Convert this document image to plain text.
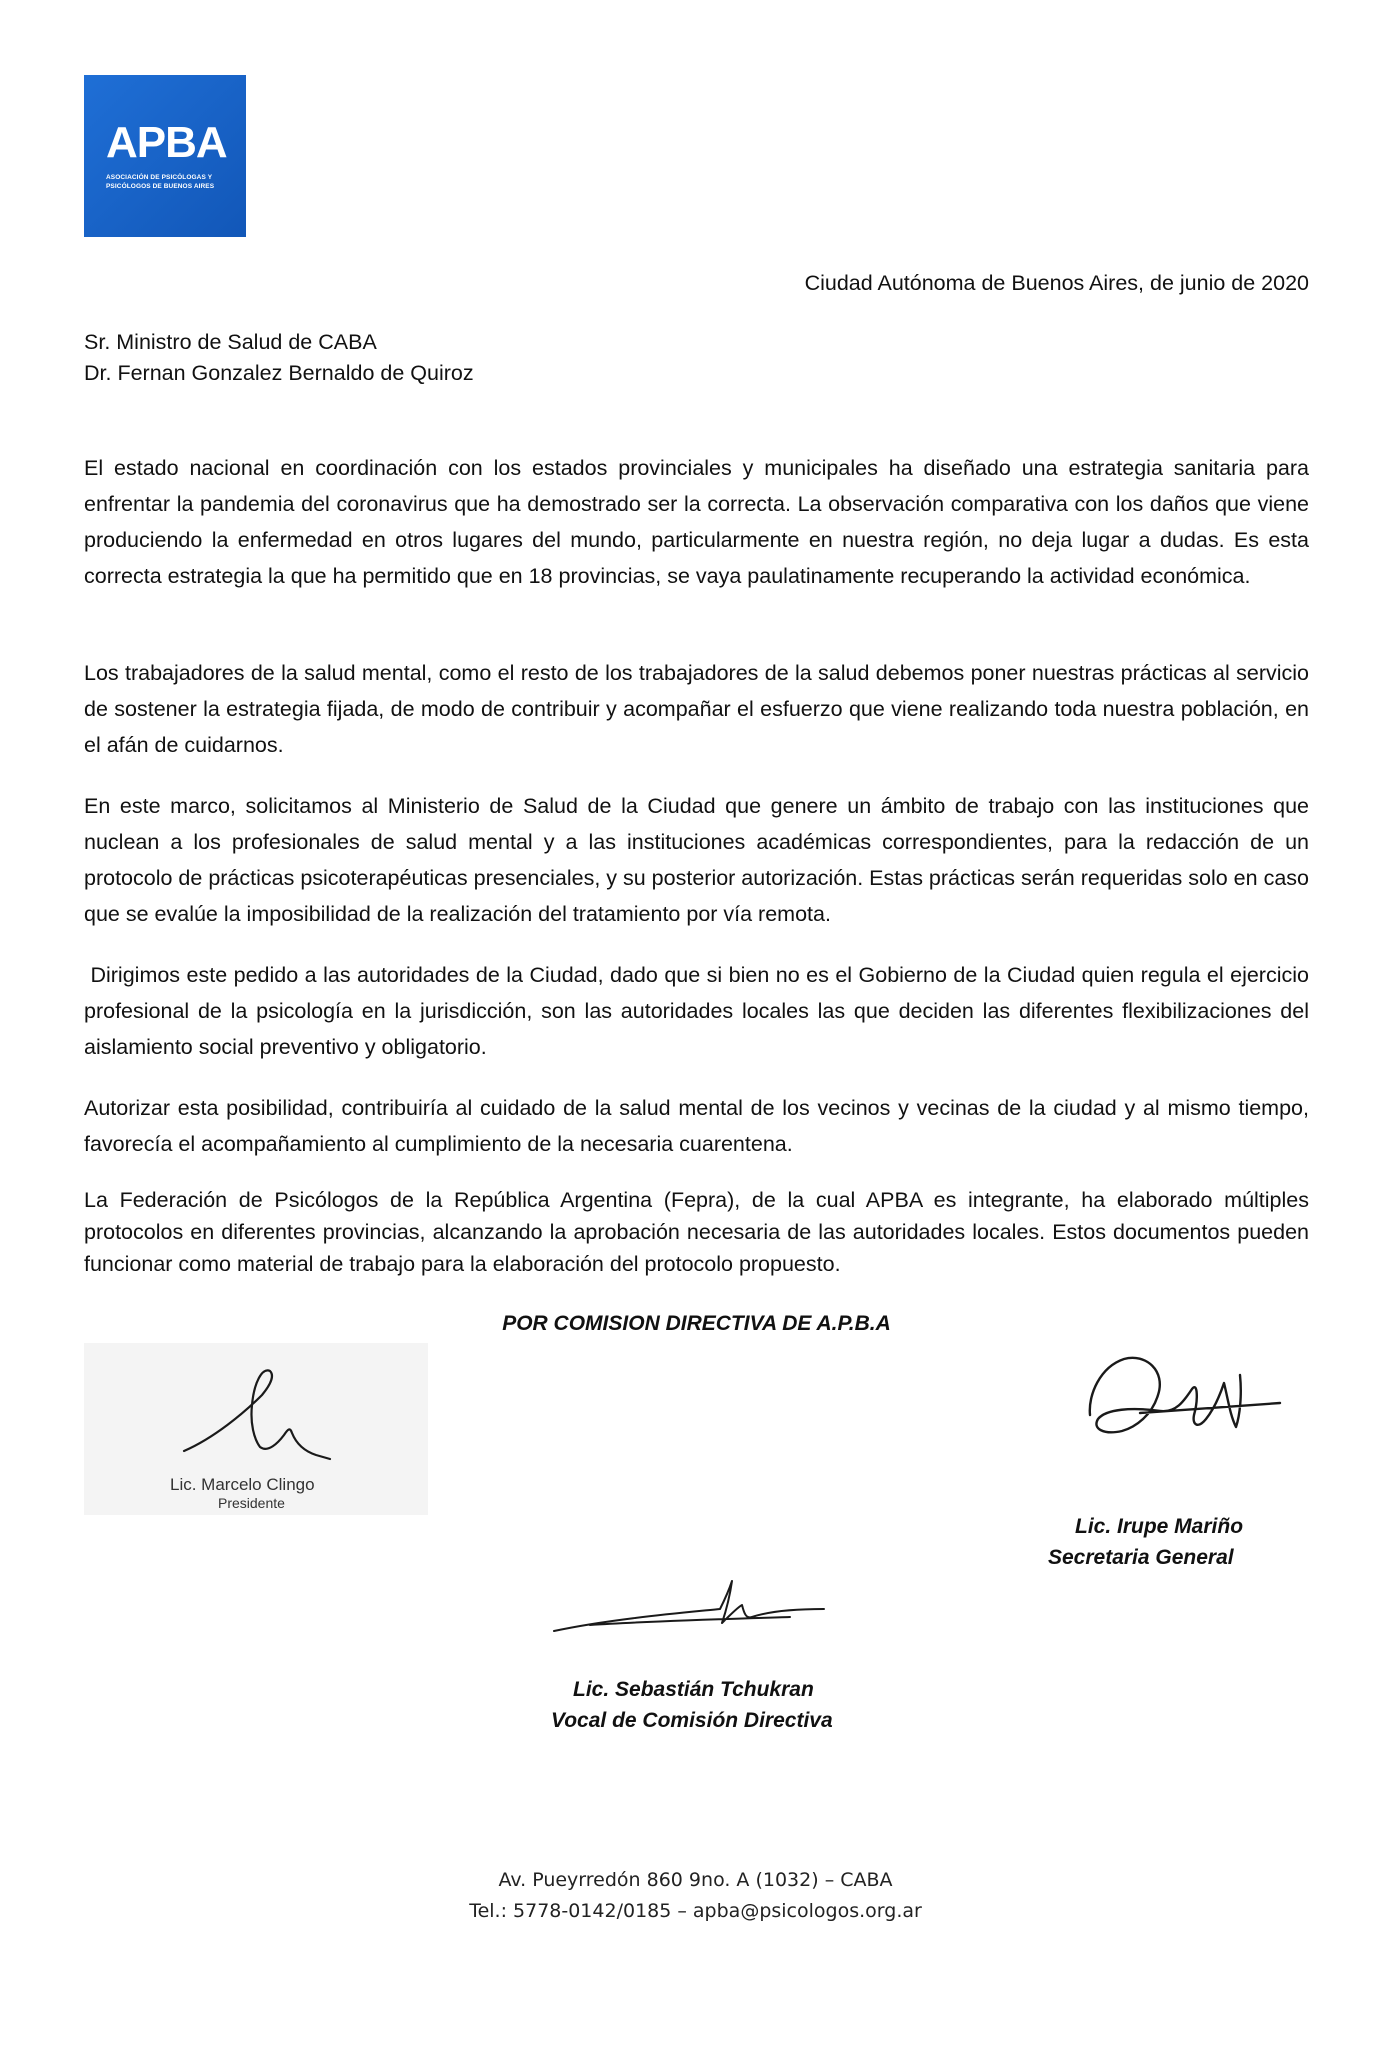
APBA
ASOCIACIÓN DE PSICÓLOGAS Y
PSICÓLOGOS DE BUENOS AIRES
Ciudad Autónoma de Buenos Aires, de junio de 2020
Sr. Ministro de Salud de CABA
Dr. Fernan Gonzalez Bernaldo de Quiroz
El estado nacional en coordinación con los estados provinciales y municipales ha diseñado una estrategia sanitaria para enfrentar la pandemia del coronavirus que ha demostrado ser la correcta. La observación comparativa con los daños que viene produciendo la enfermedad en otros lugares del mundo, particularmente en nuestra región, no deja lugar a dudas. Es esta correcta estrategia la que ha permitido que en 18 provincias, se vaya paulatinamente recuperando la actividad económica.
Los trabajadores de la salud mental, como el resto de los trabajadores de la salud debemos poner nuestras prácticas al servicio de sostener la estrategia fijada, de modo de contribuir y acompañar el esfuerzo que viene realizando toda nuestra población, en el afán de cuidarnos.
En este marco, solicitamos al Ministerio de Salud de la Ciudad que genere un ámbito de trabajo con las instituciones que nuclean a los profesionales de salud mental y a las instituciones académicas correspondientes, para la redacción de un protocolo de prácticas psicoterapéuticas presenciales, y su posterior autorización. Estas prácticas serán requeridas solo en caso que se evalúe la imposibilidad de la realización del tratamiento por vía remota.
Dirigimos este pedido a las autoridades de la Ciudad, dado que si bien no es el Gobierno de la Ciudad quien regula el ejercicio profesional de la psicología en la jurisdicción, son las autoridades locales las que deciden las diferentes flexibilizaciones del aislamiento social preventivo y obligatorio.
Autorizar esta posibilidad, contribuiría al cuidado de la salud mental de los vecinos y vecinas de la ciudad y al mismo tiempo, favorecía el acompañamiento al cumplimiento de la necesaria cuarentena.
La Federación de Psicólogos de la República Argentina (Fepra), de la cual APBA es integrante, ha elaborado múltiples protocolos en diferentes provincias, alcanzando la aprobación necesaria de las autoridades locales. Estos documentos pueden funcionar como material de trabajo para la elaboración del protocolo propuesto.
POR COMISION DIRECTIVA DE A.P.B.A
Lic. Marcelo Clingo
Presidente
Lic. Irupe Mariño
Secretaria General
Lic. Sebastián Tchukran
Vocal de Comisión Directiva
Av. Pueyrredón 860 9no. A (1032) – CABA
Tel.: 5778-0142/0185 – apba@psicologos.org.ar
